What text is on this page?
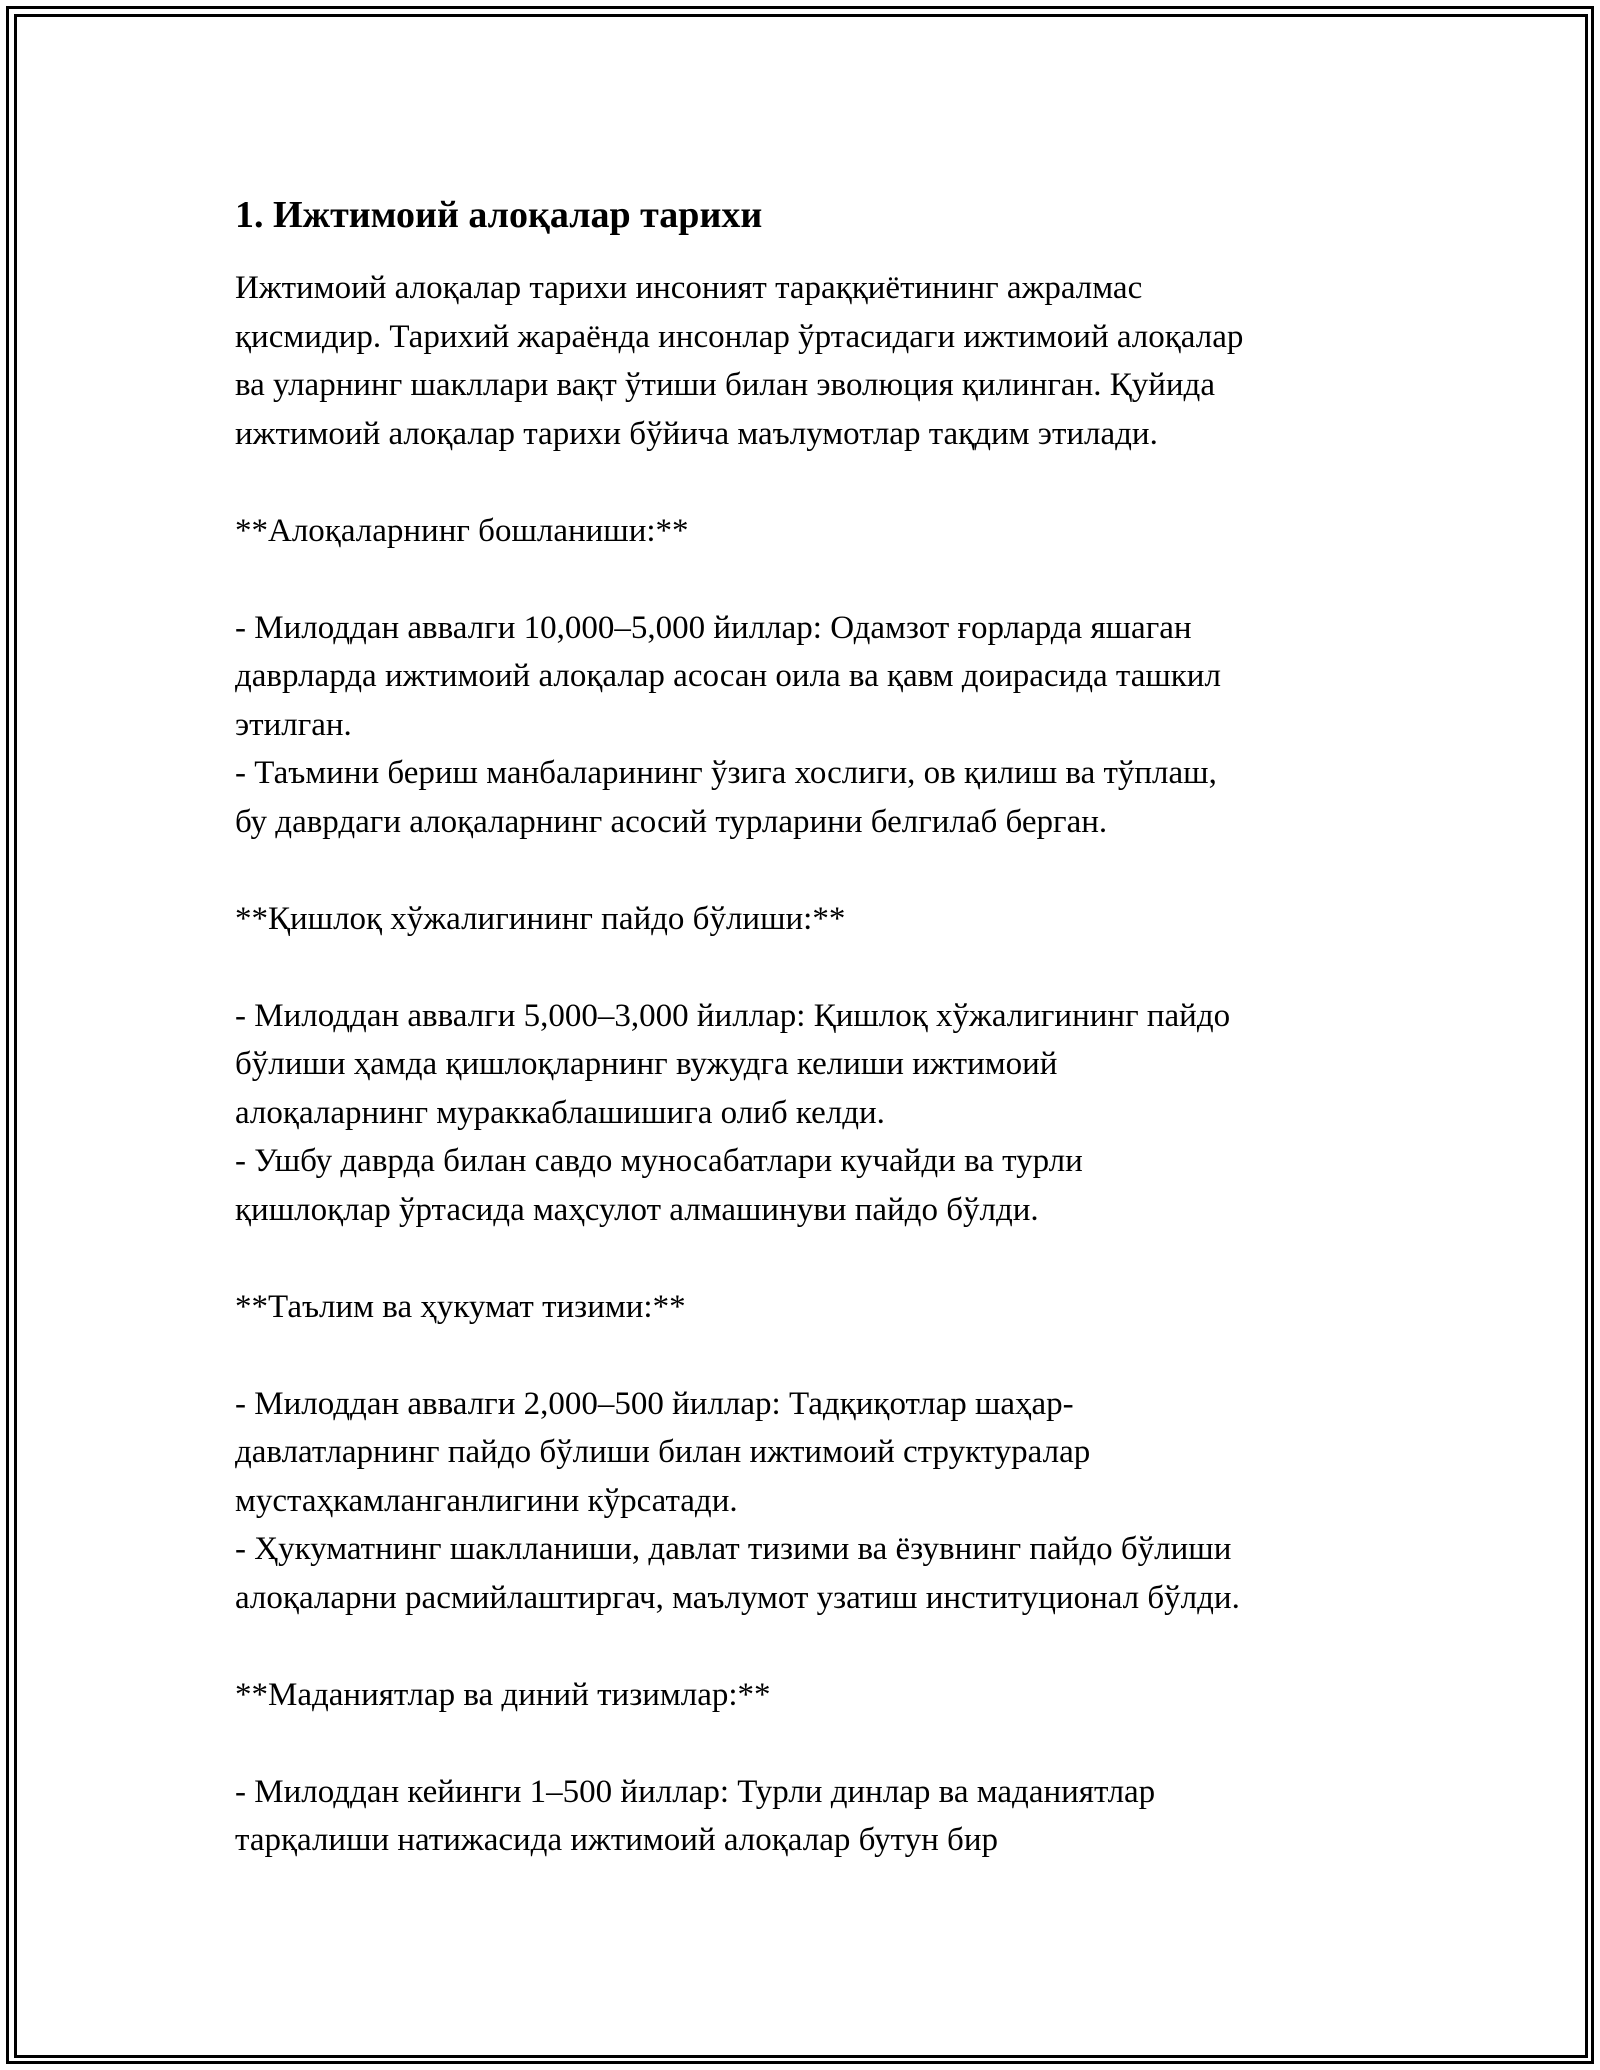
1. Ижтимоий алоқалар тарихи
Ижтимоий алоқалар тарихи инсоният тараққиётининг ажралмас
қисмидир. Тарихий жараёнда инсонлар ўртасидаги ижтимоий алоқалар
ва уларнинг шакллари вақт ўтиши билан эволюция қилинган. Қуйида
ижтимоий алоқалар тарихи бўйича маълумотлар тақдим этилади.
**Алоқаларнинг бошланиши:**
- Милоддан аввалги 10,000–5,000 йиллар: Одамзот ғорларда яшаган
даврларда ижтимоий алоқалар асосан оила ва қавм доирасида ташкил
этилган.
- Таъмини бериш манбаларининг ўзига хослиги, ов қилиш ва тўплаш,
бу даврдаги алоқаларнинг асосий турларини белгилаб берган.
**Қишлоқ хўжалигининг пайдо бўлиши:**
- Милоддан аввалги 5,000–3,000 йиллар: Қишлоқ хўжалигининг пайдо
бўлиши ҳамда қишлоқларнинг вужудга келиши ижтимоий
алоқаларнинг мураккаблашишига олиб келди.
- Ушбу даврда билан савдо муносабатлари кучайди ва турли
қишлоқлар ўртасида маҳсулот алмашинуви пайдо бўлди.
**Таълим ва ҳукумат тизими:**
- Милоддан аввалги 2,000–500 йиллар: Тадқиқотлар шаҳар-
давлатларнинг пайдо бўлиши билан ижтимоий структуралар
мустаҳкамланганлигини кўрсатади.
- Ҳукуматнинг шаклланиши, давлат тизими ва ёзувнинг пайдо бўлиши
алоқаларни расмийлаштиргач, маълумот узатиш институционал бўлди.
**Маданиятлар ва диний тизимлар:**
- Милоддан кейинги 1–500 йиллар: Турли динлар ва маданиятлар
тарқалиши натижасида ижтимоий алоқалар бутун бир
